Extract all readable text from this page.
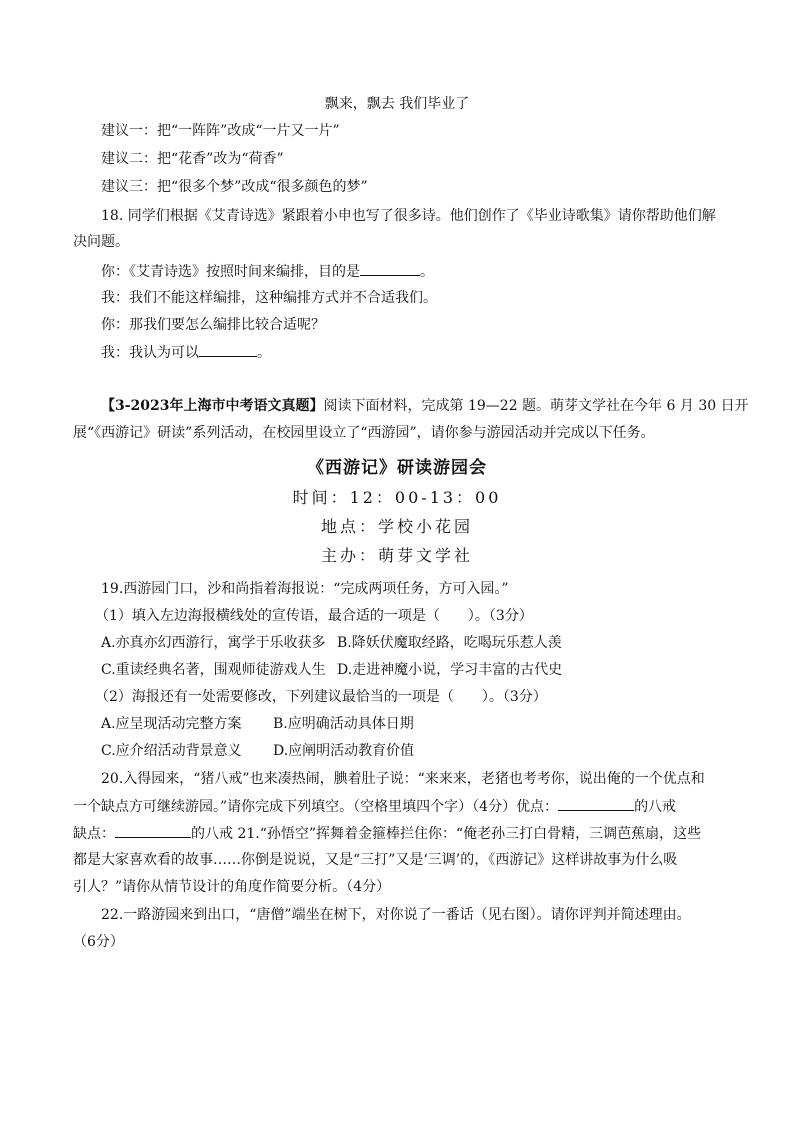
飘来，飘去 我们毕业了
建议一：把“一阵阵”改成“一片又一片”
建议二：把“花香”改为“荷香”
建议三：把“很多个梦”改成“很多颜色的梦”
18. 同学们根据《艾青诗选》紧跟着小申也写了很多诗。他们创作了《毕业诗歌集》请你帮助他们解
决问题。
你：《艾青诗选》按照时间来编排，目的是	。
我：我们不能这样编排，这种编排方式并不合适我们。
你：那我们要怎么编排比较合适呢？
我：我认为可以	。
【3-2023年上海市中考语文真题】阅读下面材料，完成第 19—22 题。萌芽文学社在今年 6 月 30 日开
展“《西游记》研读”系列活动，在校园里设立了“西游园”，请你参与游园活动并完成以下任务。
《西游记》研读游园会
时间：12：00-13：00
地点：学校小花园
主办：萌芽文学社
19.西游园门口，沙和尚指着海报说：“完成两项任务，方可入园。”
（1）填入左边海报横线处的宣传语，最合适的一项是（　　）。（3分）
A.亦真亦幻西游行，寓学于乐收获多 B.降妖伏魔取经路，吃喝玩乐惹人羡
C.重读经典名著，围观师徒游戏人生 D.走进神魔小说，学习丰富的古代史
（2）海报还有一处需要修改，下列建议最恰当的一项是（　　）。（3分）
A.应呈现活动完整方案 B.应明确活动具体日期
C.应介绍活动背景意义 D.应阐明活动教育价值
20.入得园来，“猪八戒”也来凑热闹，腆着肚子说：“来来来，老猪也考考你，说出俺的一个优点和
一个缺点方可继续游园。”请你完成下列填空。（空格里填四个字）（4分）优点：	的八戒
缺点：	的八戒 21.“孙悟空”挥舞着金箍棒拦住你：“俺老孙三打白骨精，三调芭蕉扇，这些
都是大家喜欢看的故事……你倒是说说，又是“三打”又是‘三调’的，《西游记》这样讲故事为什么吸
引人？”请你从情节设计的角度作简要分析。（4分）
22.一路游园来到出口，“唐僧”端坐在树下，对你说了一番话（见右图）。请你评判并简述理由。
（6分）
